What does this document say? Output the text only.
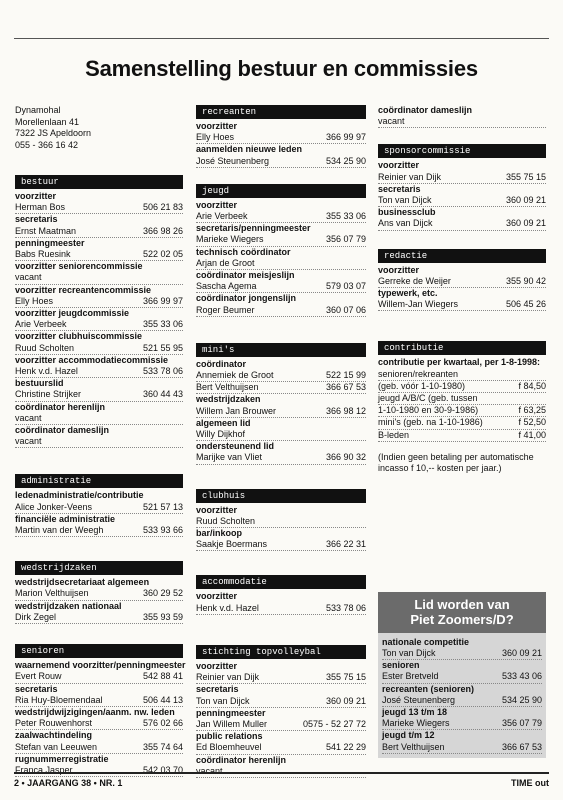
Samenstelling bestuur en commissies
Dynamohal
Morellenlaan 41
7322 JS Apeldoorn
055 - 366 16 42
bestuur
voorzitter
Herman Bos	506 21 83
secretaris
Ernst Maatman	366 98 26
penningmeester
Babs Ruesink	522 02 05
voorzitter seniorencommissie
vacant
voorzitter recreantencommissie
Elly Hoes	366 99 97
voorzitter jeugdcommissie
Arie Verbeek	355 33 06
voorzitter clubhuiscommissie
Ruud Scholten	521 55 95
voorzitter accommodatiecommissie
Henk v.d. Hazel	533 78 06
bestuurslid
Christine Strijker	360 44 43
coördinator herenlijn
vacant
coördinator dameslijn
vacant
administratie
ledenadministratie/contributie
Alice Jonker-Veens	521 57 13
financiële administratie
Martin van der Weegh	533 93 66
wedstrijdzaken
wedstrijdsecretariaat algemeen
Marion Velthuijsen	360 29 52
wedstrijdzaken nationaal
Dirk Zegel	355 93 59
senioren
waarnemend voorzitter/penningmeester
Evert Rouw	542 88 41
secretaris
Ria Huy-Bloemendaal	506 44 13
wedstrijdwijzigingen/aanm. nw. leden
Peter Rouwenhorst	576 02 66
zaalwachtindeling
Stefan van Leeuwen	355 74 64
rugnummerregistratie
Franca Jasper	542 03 70
recreanten
voorzitter
Elly Hoes	366 99 97
aanmelden nieuwe leden
José Steunenberg	534 25 90
jeugd
voorzitter
Arie Verbeek	355 33 06
secretaris/penningmeester
Marieke Wiegers	356 07 79
technisch coördinator
Arjan de Groot
coördinator meisjeslijn
Sascha Agema	579 03 07
coördinator jongenslijn
Roger Beumer	360 07 06
mini's
coördinator
Annemiek de Groot	522 15 99
Bert Velthuijsen	366 67 53
wedstrijdzaken
Willem Jan Brouwer	366 98 12
algemeen lid
Willy Dijkhof
ondersteunend lid
Marijke van Vliet	366 90 32
clubhuis
voorzitter
Ruud Scholten
bar/inkoop
Saakje Boermans	366 22 31
accommodatie
voorzitter
Henk v.d. Hazel	533 78 06
stichting topvolleybal
voorzitter
Reinier van Dijk	355 75 15
secretaris
Ton van Dijck	360 09 21
penningmeester
Jan Willem Muller	0575 - 52 27 72
public relations
Ed Bloemheuvel	541 22 29
coördinator herenlijn
vacant
coördinator dameslijn
vacant
sponsorcommissie
voorzitter
Reinier van Dijk	355 75 15
secretaris
Ton van Dijck	360 09 21
businessclub
Ans van Dijck	360 09 21
redactie
voorzitter
Gerreke de Weijer	355 90 42
typewerk, etc.
Willem-Jan Wiegers	506 45 26
contributie
contributie per kwartaal, per 1-8-1998:
senioren/rekreanten
(geb. vóór 1-10-1980)	f 84,50
jeugd A/B/C (geb. tussen
1-10-1980 en 30-9-1986)	f 63,25
mini's (geb. na 1-10-1986)	f 52,50
B-leden	f 41,00
(Indien geen betaling per automatische incasso f 10,-- kosten per jaar.)
Lid worden van
Piet Zoomers/D?
nationale competitie
Ton van Dijck	360 09 21
senioren
Ester Bretveld	533 43 06
recreanten (senioren)
José Steunenberg	534 25 90
jeugd 13 t/m 18
Marieke Wiegers	356 07 79
jeugd t/m 12
Bert Velthuijsen	366 67 53
2 • JAARGANG 38 • NR. 1	TIME out
